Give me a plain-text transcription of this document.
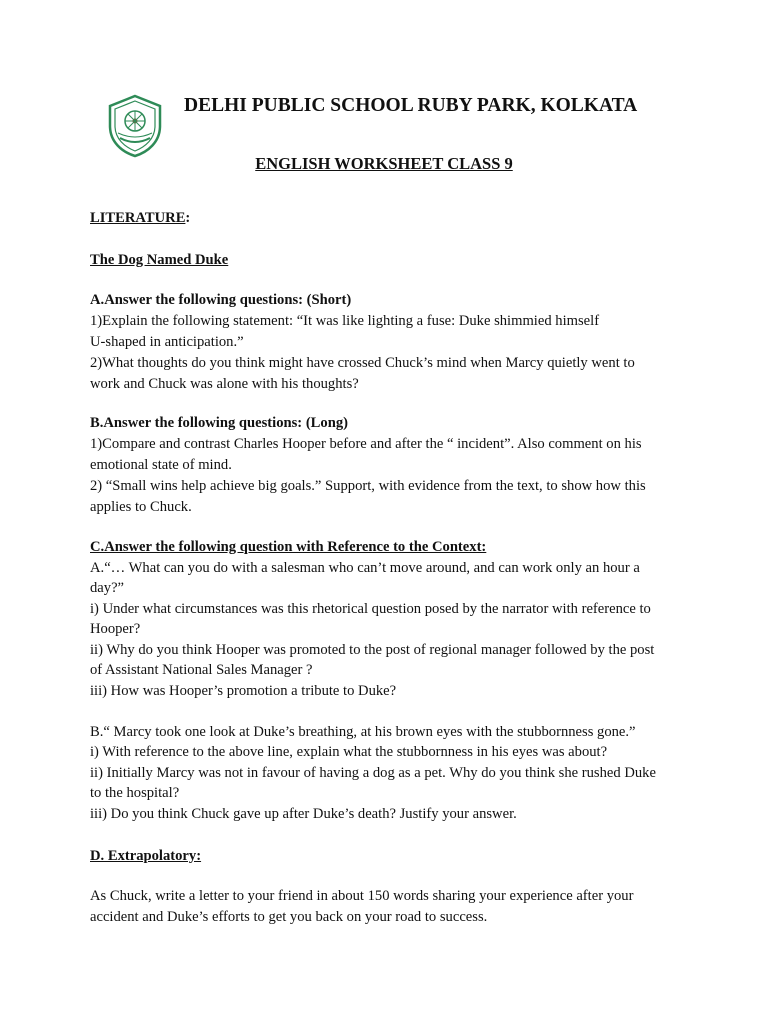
DELHI PUBLIC SCHOOL RUBY PARK, KOLKATA
ENGLISH WORKSHEET CLASS 9
LITERATURE:
The Dog Named Duke
A.Answer the following questions: (Short)
1)Explain the following statement: “It was like lighting a fuse: Duke shimmied himself
U-shaped in anticipation.”
2)What thoughts do you think might have crossed Chuck’s mind when Marcy quietly went to
work and Chuck was alone with his thoughts?
B.Answer the following questions: (Long)
1)Compare and contrast Charles Hooper before and after the “ incident”. Also comment on his
emotional state of mind.
2) “Small wins help achieve big goals.” Support, with evidence from the text, to show how this
applies to Chuck.
C.Answer the following question with Reference to the Context:
A.“… What can you do with a salesman who can’t move around, and can work only an hour a
day?”
i) Under what circumstances was this rhetorical question posed by the narrator with reference to
Hooper?
ii) Why do you think Hooper was promoted to the post of regional manager followed by the post
of Assistant National Sales Manager ?
iii) How was Hooper’s promotion a tribute to Duke?
B.“ Marcy took one look at Duke’s breathing, at his brown eyes with the stubbornness gone.”
i) With reference to the above line, explain what the stubbornness in his eyes was about?
ii) Initially Marcy was not in favour of having a dog as a pet. Why do you think she rushed Duke
to the hospital?
iii) Do you think Chuck gave up after Duke’s death? Justify your answer.
D. Extrapolatory:
As Chuck, write a letter to your friend in about 150 words sharing your experience after your
accident and Duke’s efforts to get you back on your road to success.
